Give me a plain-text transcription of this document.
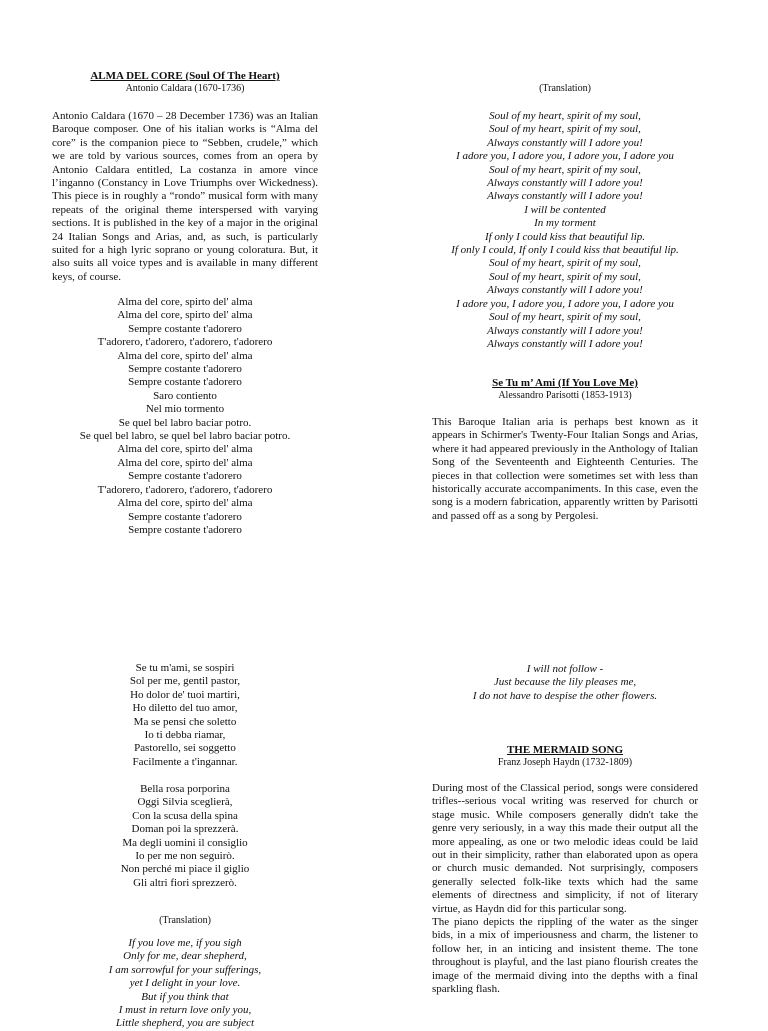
ALMA DEL CORE (Soul Of The Heart)
Antonio Caldara (1670-1736)

Antonio Caldara (1670 – 28 December 1736) was an Italian Baroque composer. One of his italian works is “Alma del core” is the companion piece to “Sebben, crudele,” which we are told by various sources, comes from an opera by Antonio Caldara entitled, La costanza in amore vince l’inganno (Constancy in Love Triumphs over Wickedness). This piece is in roughly a “rondo” musical form with many repeats of the original theme interspersed with varying sections. It is published in the key of a major in the original 24 Italian Songs and Arias, and, as such, is particularly suited for a high lyric soprano or young coloratura. But, it also suits all voice types and is available in many different keys, of course.

Alma del core, spirto del' alma
Alma del core, spirto del' alma
Sempre costante t'adorero
T'adorero, t'adorero, t'adorero, t'adorero
Alma del core, spirto del' alma
Sempre costante t'adorero
Sempre costante t'adorero
Saro contiento
Nel mio tormento
Se quel bel labro baciar potro.
Se quel bel labro, se quel bel labro baciar potro.
Alma del core, spirto del' alma
Alma del core, spirto del' alma
Sempre costante t'adorero
T'adorero, t'adorero, t'adorero, t'adorero
Alma del core, spirto del' alma
Sempre costante t'adorero
Sempre costante t'adorero
(Translation)
Soul of my heart, spirit of my soul,
Soul of my heart, spirit of my soul,
Always constantly will I adore you!
I adore you, I adore you, I adore you, I adore you
Soul of my heart, spirit of my soul,
Always constantly will I adore you!
Always constantly will I adore you!
I will be contented
In my torment
If only I could kiss that beautiful lip.
If only I could, If only I could kiss that beautiful lip.
Soul of my heart, spirit of my soul,
Soul of my heart, spirit of my soul,
Always constantly will I adore you!
I adore you, I adore you, I adore you, I adore you
Soul of my heart, spirit of my soul,
Always constantly will I adore you!
Always constantly will I adore you!
Se Tu m’ Ami (If You Love Me)
Alessandro Parisotti (1853-1913)

This Baroque Italian aria is perhaps best known as it appears in Schirmer's Twenty-Four Italian Songs and Arias, where it had appeared previously in the Anthology of Italian Song of the Seventeenth and Eighteenth Centuries. The pieces in that collection were sometimes set with less than historically accurate accompaniments. In this case, even the song is a modern fabrication, apparently written by Parisotti and passed off as a song by Pergolesi.

Se tu m'ami, se sospiri
Sol per me, gentil pastor,
Ho dolor de' tuoi martiri,
Ho diletto del tuo amor,
Ma se pensi che soletto
Io ti debba riamar,
Pastorello, sei soggetto
Facilmente a t'ingannar.
Bella rosa porporina
Oggi Silvia sceglierà,
Con la scusa della spina
Doman poi la sprezzerà.
Ma degli uomini il consiglio
Io per me non seguirò.
Non perché mi piace il giglio
Gli altri fiori sprezzerò.
(Translation)
If you love me, if you sigh
Only for me, dear shepherd,
I am sorrowful for your sufferings,
yet I delight in your love.
But if you think that
I must in return love only you,
Little shepherd, you are subject
I will not follow -
Just because the lily pleases me,
I do not have to despise the other flowers.
THE MERMAID SONG
Franz Joseph Haydn (1732-1809)

During most of the Classical period, songs were considered trifles--serious vocal writing was reserved for church or stage music. While composers generally didn't take the genre very seriously, in a way this made their output all the more appealing, as one or two melodic ideas could be laid out in their simplicity, rather than elaborated upon as opera or church music demanded. Not surprisingly, composers generally selected folk-like texts which had the same elements of directness and simplicity, if not of literary virtue, as Haydn did for this particular song.

The piano depicts the rippling of the water as the singer bids, in a mix of imperiousness and charm, the listener to follow her, in an inticing and insistent theme. The tone throughout is playful, and the last piano flourish creates the image of the mermaid diving into the depths with a final sparkling flash.
